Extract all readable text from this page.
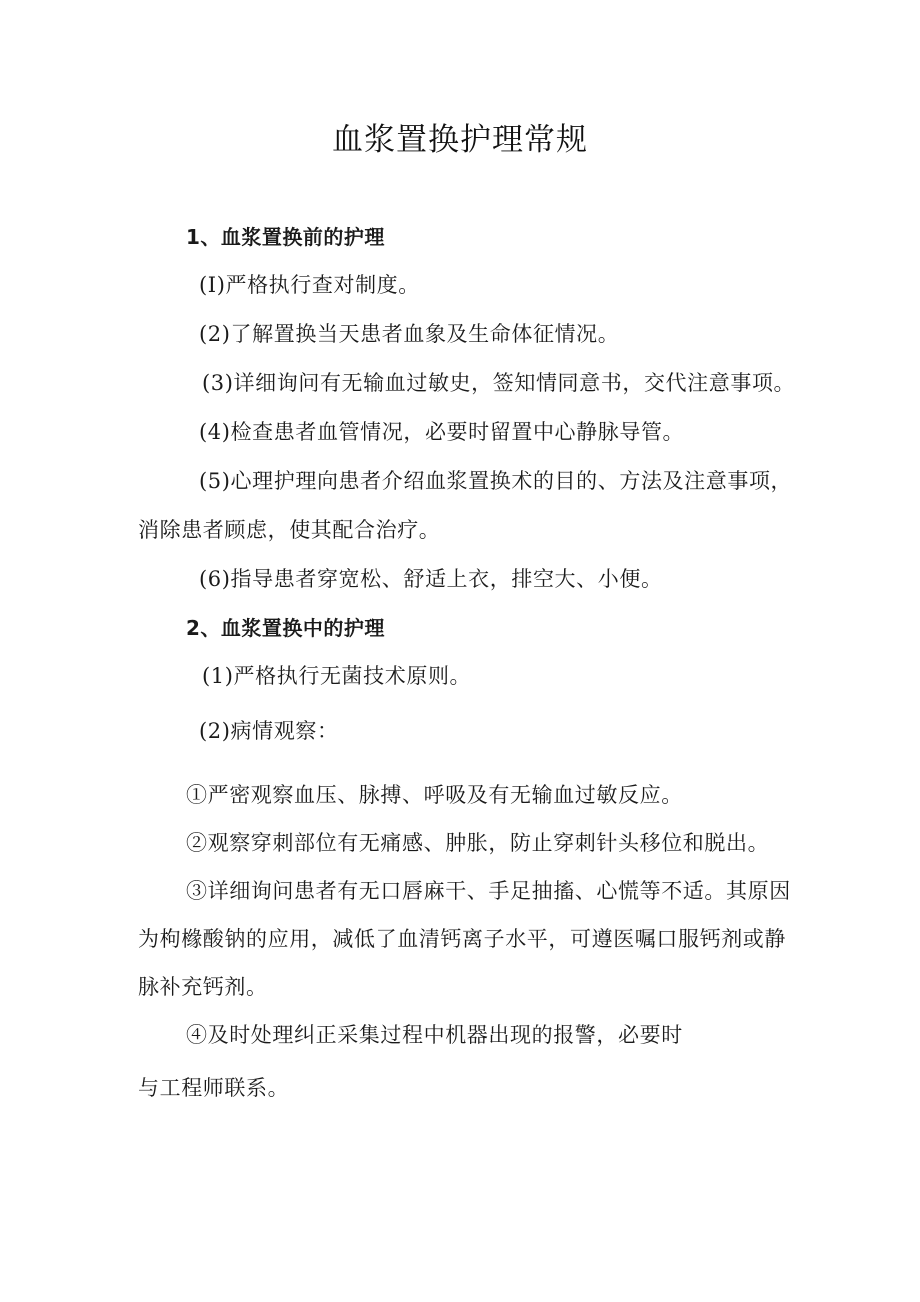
血浆置换护理常规
1、血浆置换前的护理
(I)严格执行查对制度。
(2)了解置换当天患者血象及生命体征情况。
(3)详细询问有无输血过敏史，签知情同意书，交代注意事项。
(4)检查患者血管情况，必要时留置中心静脉导管。
(5)心理护理向患者介绍血浆置换术的目的、方法及注意事项，
消除患者顾虑，使其配合治疗。
(6)指导患者穿宽松、舒适上衣，排空大、小便。
2、血浆置换中的护理
(1)严格执行无菌技术原则。
(2)病情观察：
①严密观察血压、脉搏、呼吸及有无输血过敏反应。
②观察穿刺部位有无痛感、肿胀，防止穿刺针头移位和脱出。
③详细询问患者有无口唇麻干、手足抽搐、心慌等不适。其原因
为枸橼酸钠的应用，减低了血清钙离子水平，可遵医嘱口服钙剂或静
脉补充钙剂。
④及时处理纠正采集过程中机器出现的报警，必要时
与工程师联系。
